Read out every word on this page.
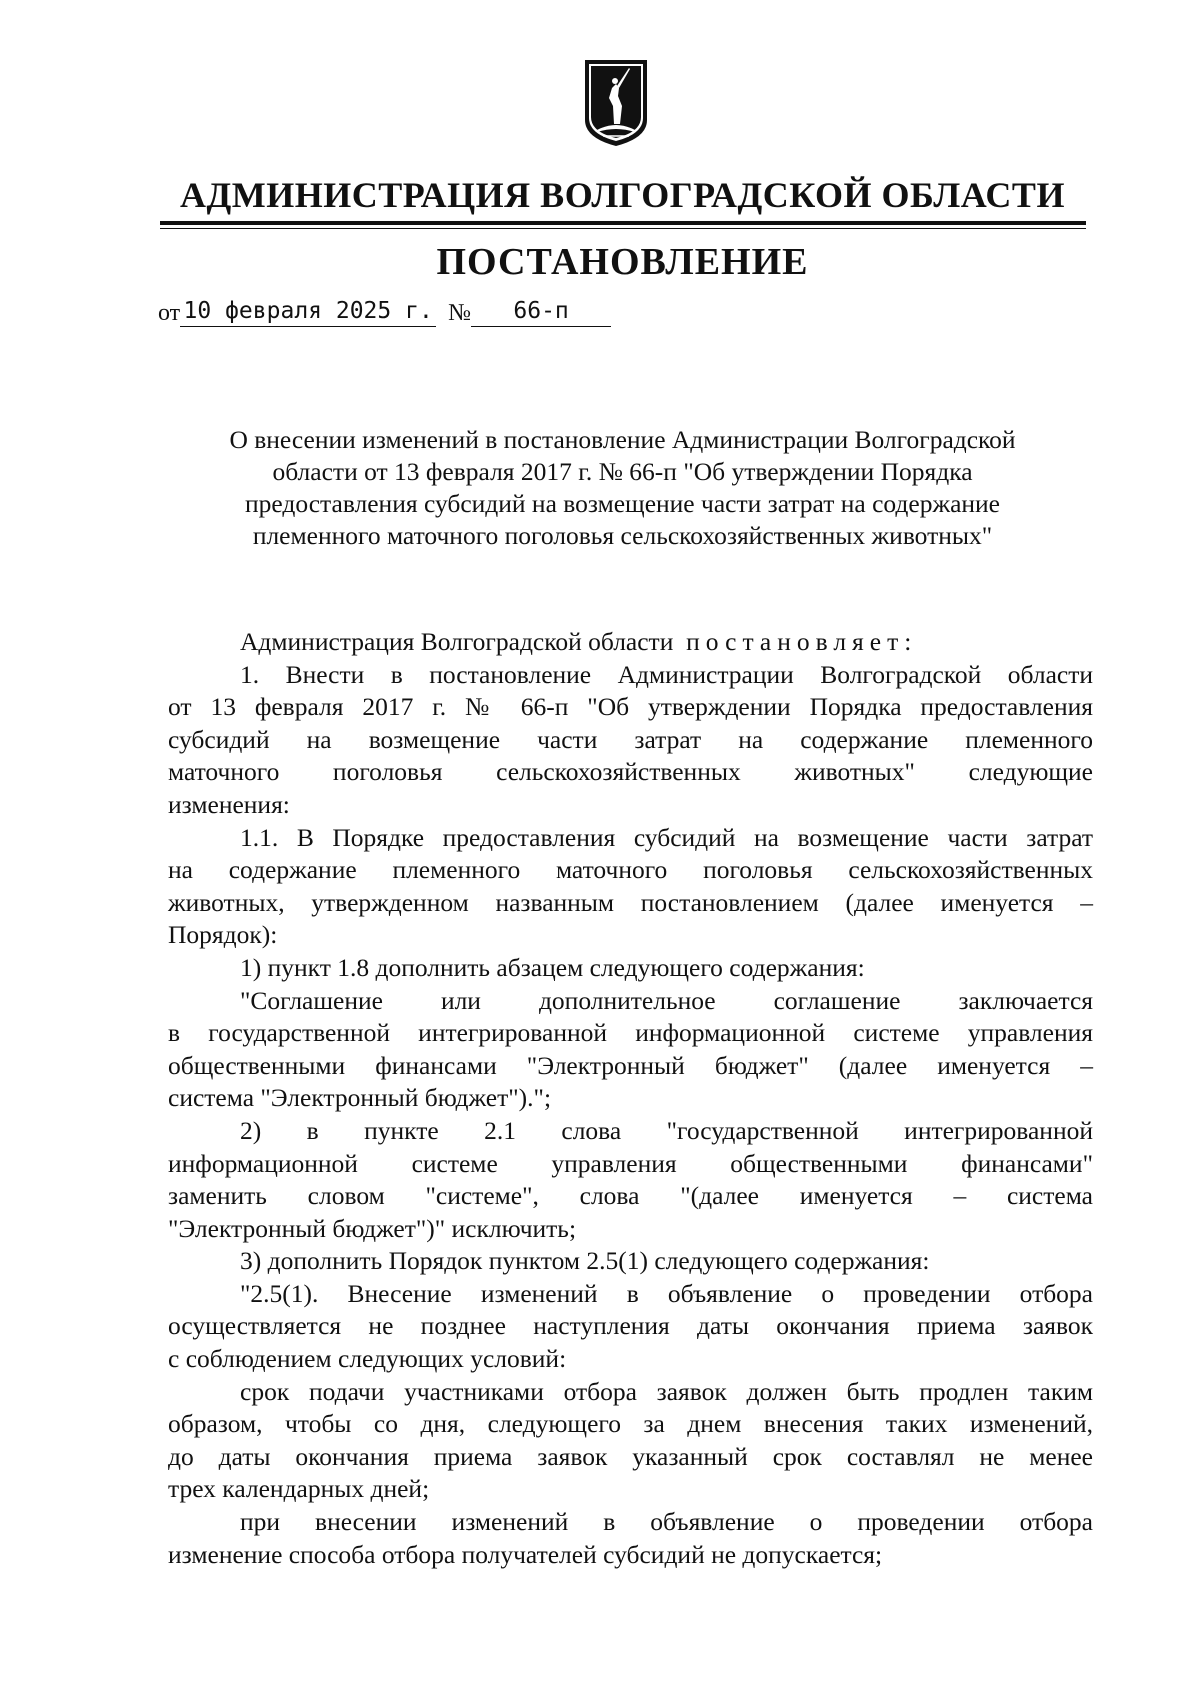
АДМИНИСТРАЦИЯ ВОЛГОГРАДСКОЙ ОБЛАСТИ
ПОСТАНОВЛЕНИЕ
от 10 февраля 2025 г. № 66-п
О внесении изменений в постановление Администрации Волгоградской
области от 13 февраля 2017 г. № 66-п "Об утверждении Порядка
предоставления субсидий на возмещение части затрат на содержание
племенного маточного поголовья сельскохозяйственных животных"
Администрация Волгоградской области постановляет:
1. Внести в постановление Администрации Волгоградской области
от 13 февраля 2017 г. № 66-п "Об утверждении Порядка предоставления
субсидий на возмещение части затрат на содержание племенного
маточного поголовья сельскохозяйственных животных" следующие
изменения:
1.1. В Порядке предоставления субсидий на возмещение части затрат
на содержание племенного маточного поголовья сельскохозяйственных
животных, утвержденном названным постановлением (далее именуется –
Порядок):
1) пункт 1.8 дополнить абзацем следующего содержания:
"Соглашение или дополнительное соглашение заключается
в государственной интегрированной информационной системе управления
общественными финансами "Электронный бюджет" (далее именуется –
система "Электронный бюджет").";
2) в пункте 2.1 слова "государственной интегрированной
информационной системе управления общественными финансами"
заменить словом "системе", слова "(далее именуется – система
"Электронный бюджет")" исключить;
3) дополнить Порядок пунктом 2.5(1) следующего содержания:
"2.5(1). Внесение изменений в объявление о проведении отбора
осуществляется не позднее наступления даты окончания приема заявок
с соблюдением следующих условий:
срок подачи участниками отбора заявок должен быть продлен таким
образом, чтобы со дня, следующего за днем внесения таких изменений,
до даты окончания приема заявок указанный срок составлял не менее
трех календарных дней;
при внесении изменений в объявление о проведении отбора
изменение способа отбора получателей субсидий не допускается;
